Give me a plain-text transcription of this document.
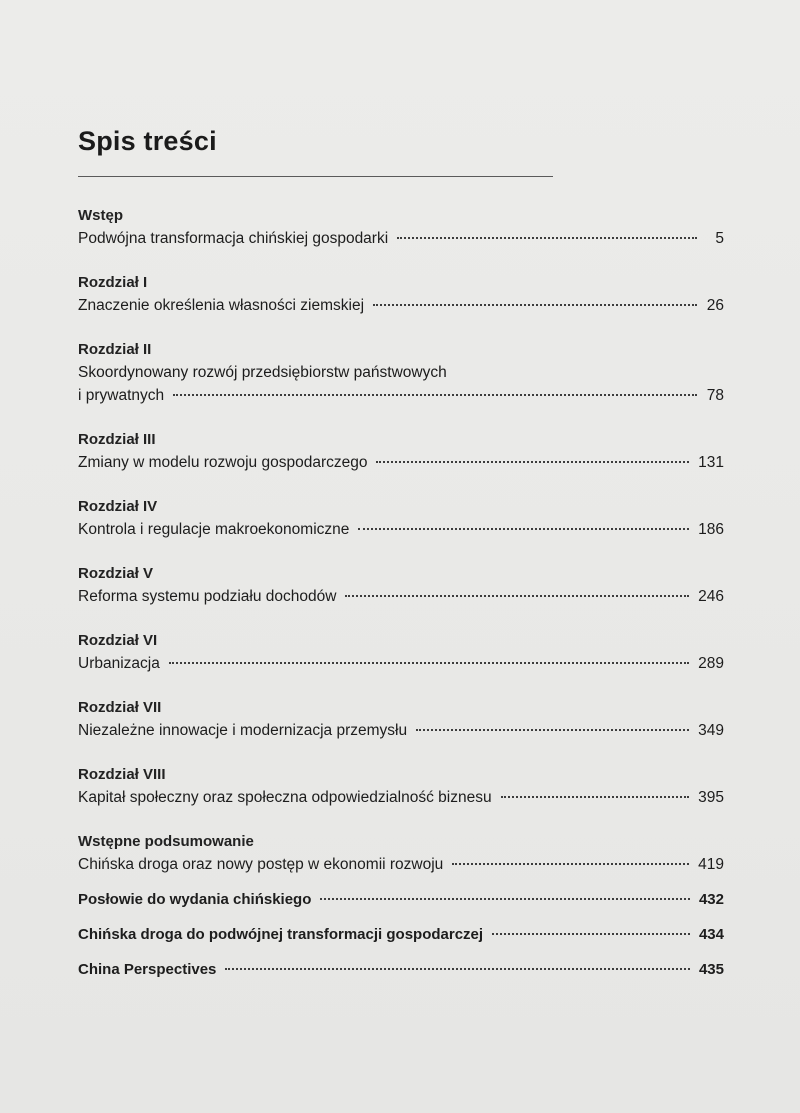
Spis treści
Wstęp
Podwójna transformacja chińskiej gospodarki	5
Rozdział I
Znaczenie określenia własności ziemskiej	26
Rozdział II
Skoordynowany rozwój przedsiębiorstw państwowych
i prywatnych	78
Rozdział III
Zmiany w modelu rozwoju gospodarczego	131
Rozdział IV
Kontrola i regulacje makroekonomiczne	186
Rozdział V
Reforma systemu podziału dochodów	246
Rozdział VI
Urbanizacja	289
Rozdział VII
Niezależne innowacje i modernizacja przemysłu	349
Rozdział VIII
Kapitał społeczny oraz społeczna odpowiedzialność biznesu	395
Wstępne podsumowanie
Chińska droga oraz nowy postęp w ekonomii rozwoju	419
Posłowie do wydania chińskiego	432
Chińska droga do podwójnej transformacji gospodarczej	434
China Perspectives	435
